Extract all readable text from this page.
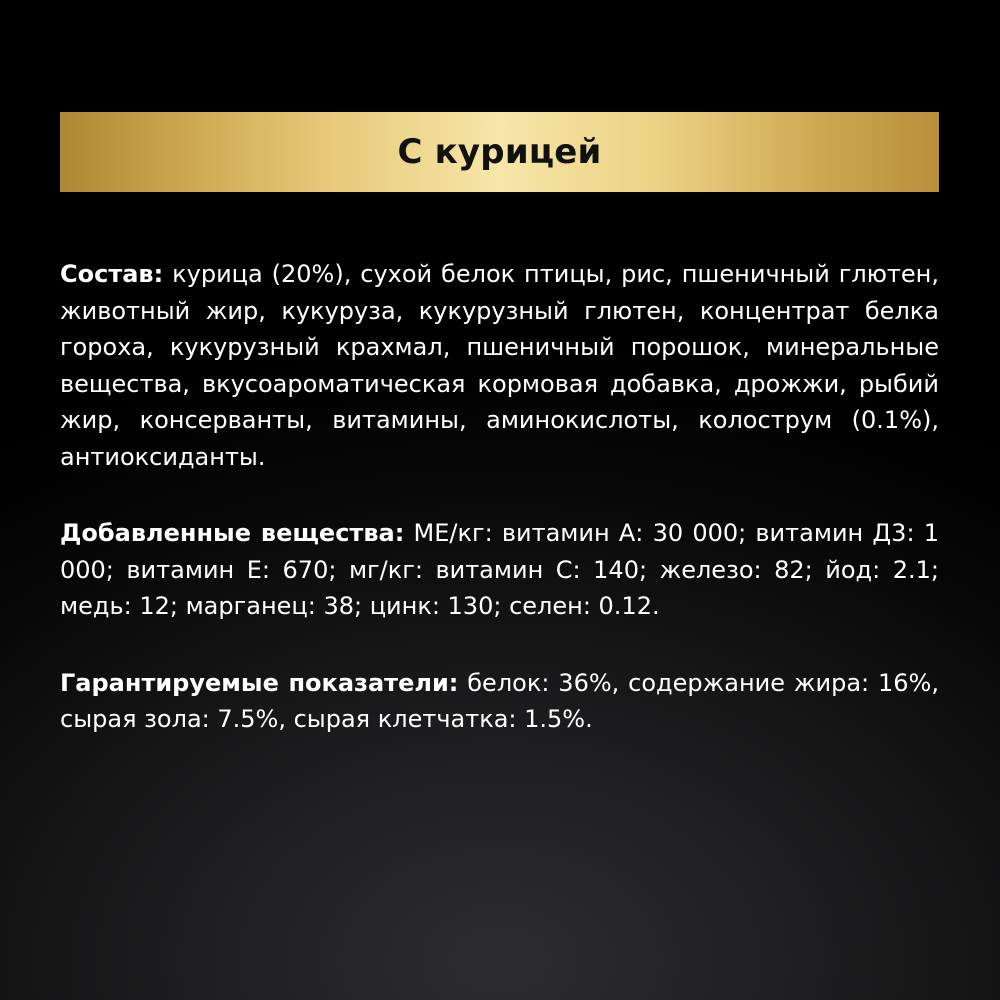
С курицей

Состав: курица (20%), сухой белок птицы, рис, пшеничный глютен, животный жир, кукуруза, кукурузный глютен, концентрат белка гороха, кукурузный крахмал, пшеничный порошок, минеральные вещества, вкусоароматическая кормовая добавка, дрожжи, рыбий жир, консерванты, витамины, аминокислоты, колострум (0.1%), антиоксиданты.

Добавленные вещества: МЕ/кг: витамин А: 30 000; витамин Д3: 1 000; витамин Е: 670; мг/кг: витамин С: 140; железо: 82; йод: 2.1; медь: 12; марганец: 38; цинк: 130; селен: 0.12.

Гарантируемые показатели: белок: 36%, содержание жира: 16%, сырая зола: 7.5%, сырая клетчатка: 1.5%.
